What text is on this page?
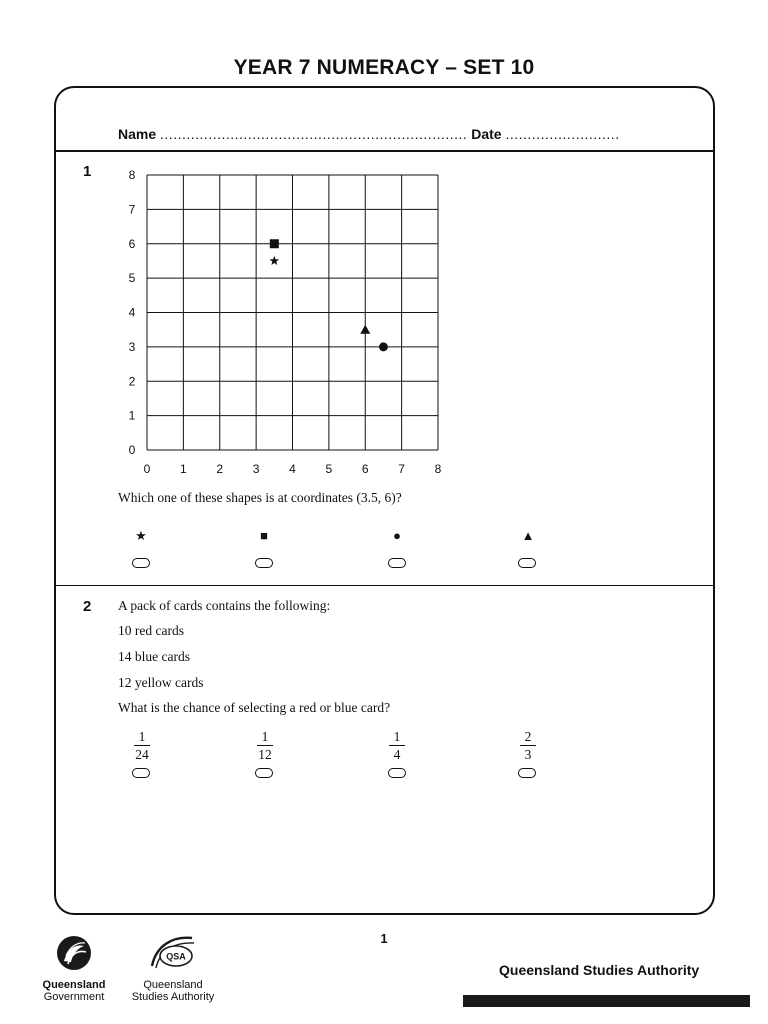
YEAR 7 NUMERACY – SET 10
Name ...................................................................... Date ..........................
1
0 1 2 3 4 5 6 7 8
0
1
2
3
4
5
6
7
8
Which one of these shapes is at coordinates (3.5, 6)?
★	■	●	▲
2 A pack of cards contains the following:
10 red cards
14 blue cards
12 yellow cards
What is the chance of selecting a red or blue card?
1
24
1
12
1
4
2
3
1
Queensland
Government
QSA
Queensland
Studies Authority
Queensland Studies Authority
